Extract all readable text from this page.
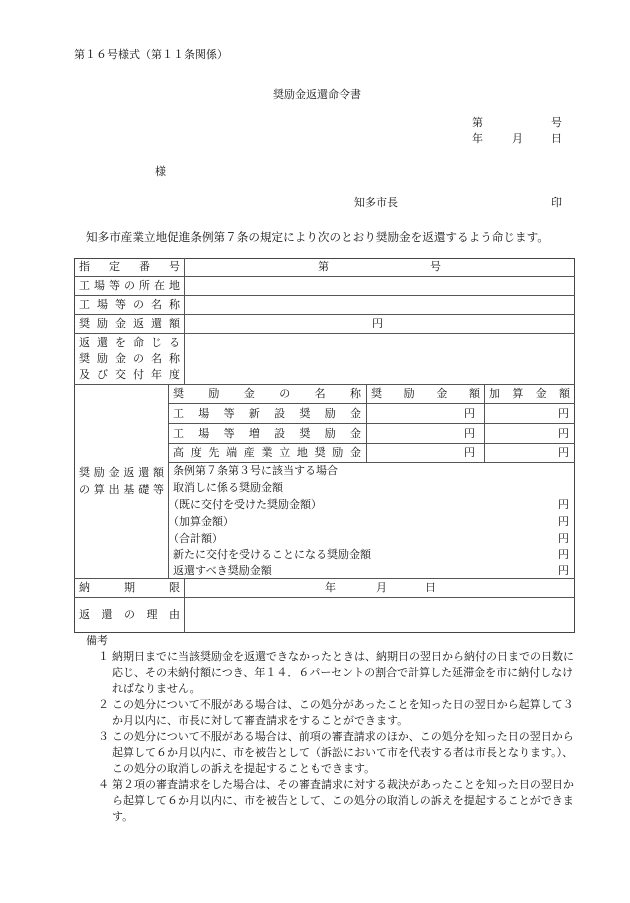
第１６号様式（第１１条関係）
奨励金返還命令書
第	号
年	月	日
様
知多市長	印
知多市産業立地促進条例第７条の規定により次のとおり奨励金を返還するよう命じます。
指定番号	第	号
工場等の所在地
工場等の名称
奨励金返還額	円
返還を命じる
奨励金の名称
及び交付年度
奨励金返還額
の算出基礎等
奨励金の名称 奨励金額 加算金額
工場等新設奨励金	円	円
工場等増設奨励金	円	円
高度先端産業立地奨励金	円	円
条例第７条第３号に該当する場合
取消しに係る奨励金額
（既に交付を受けた奨励金額）	円
（加算金額）	円
（合計額）	円
新たに交付を受けることになる奨励金額	円
返還すべき奨励金額	円
納期限	年	月	日
返還の理由
備考
１ 納期日までに当該奨励金を返還できなかったときは、納期日の翌日から納付の日までの日数に応じ、その未納付額につき、年１４．６パーセントの割合で計算した延滞金を市に納付しなければなりません。
２ この処分について不服がある場合は、この処分があったことを知った日の翌日から起算して３か月以内に、市長に対して審査請求をすることができます。
３ この処分について不服がある場合は、前項の審査請求のほか、この処分を知った日の翌日から起算して６か月以内に、市を被告として（訴訟において市を代表する者は市長となります。）、この処分の取消しの訴えを提起することもできます。
４ 第２項の審査請求をした場合は、その審査請求に対する裁決があったことを知った日の翌日から起算して６か月以内に、市を被告として、この処分の取消しの訴えを提起することができます。
